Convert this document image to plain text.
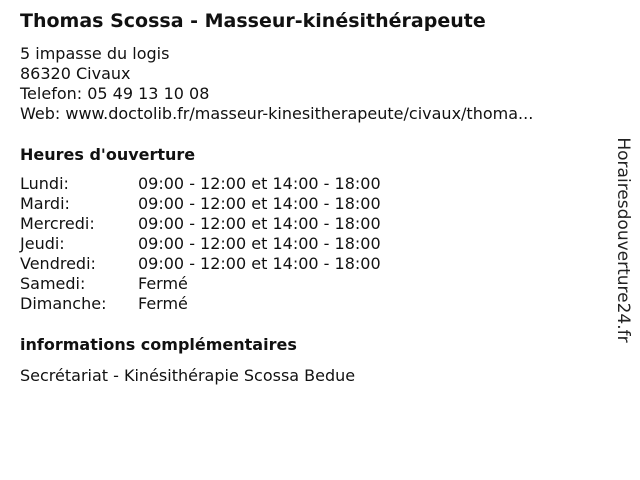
Thomas Scossa - Masseur-kinésithérapeute
5 impasse du logis
86320 Civaux
Telefon: 05 49 13 10 08
Web: www.doctolib.fr/masseur-kinesitherapeute/civaux/thoma...
Heures d'ouverture
Lundi:	09:00 - 12:00 et 14:00 - 18:00
Mardi:	09:00 - 12:00 et 14:00 - 18:00
Mercredi:	09:00 - 12:00 et 14:00 - 18:00
Jeudi:	09:00 - 12:00 et 14:00 - 18:00
Vendredi:	09:00 - 12:00 et 14:00 - 18:00
Samedi:	Fermé
Dimanche: Fermé
informations complémentaires
Secrétariat - Kinésithérapie Scossa Bedue
Horairesdouverture24.fr
